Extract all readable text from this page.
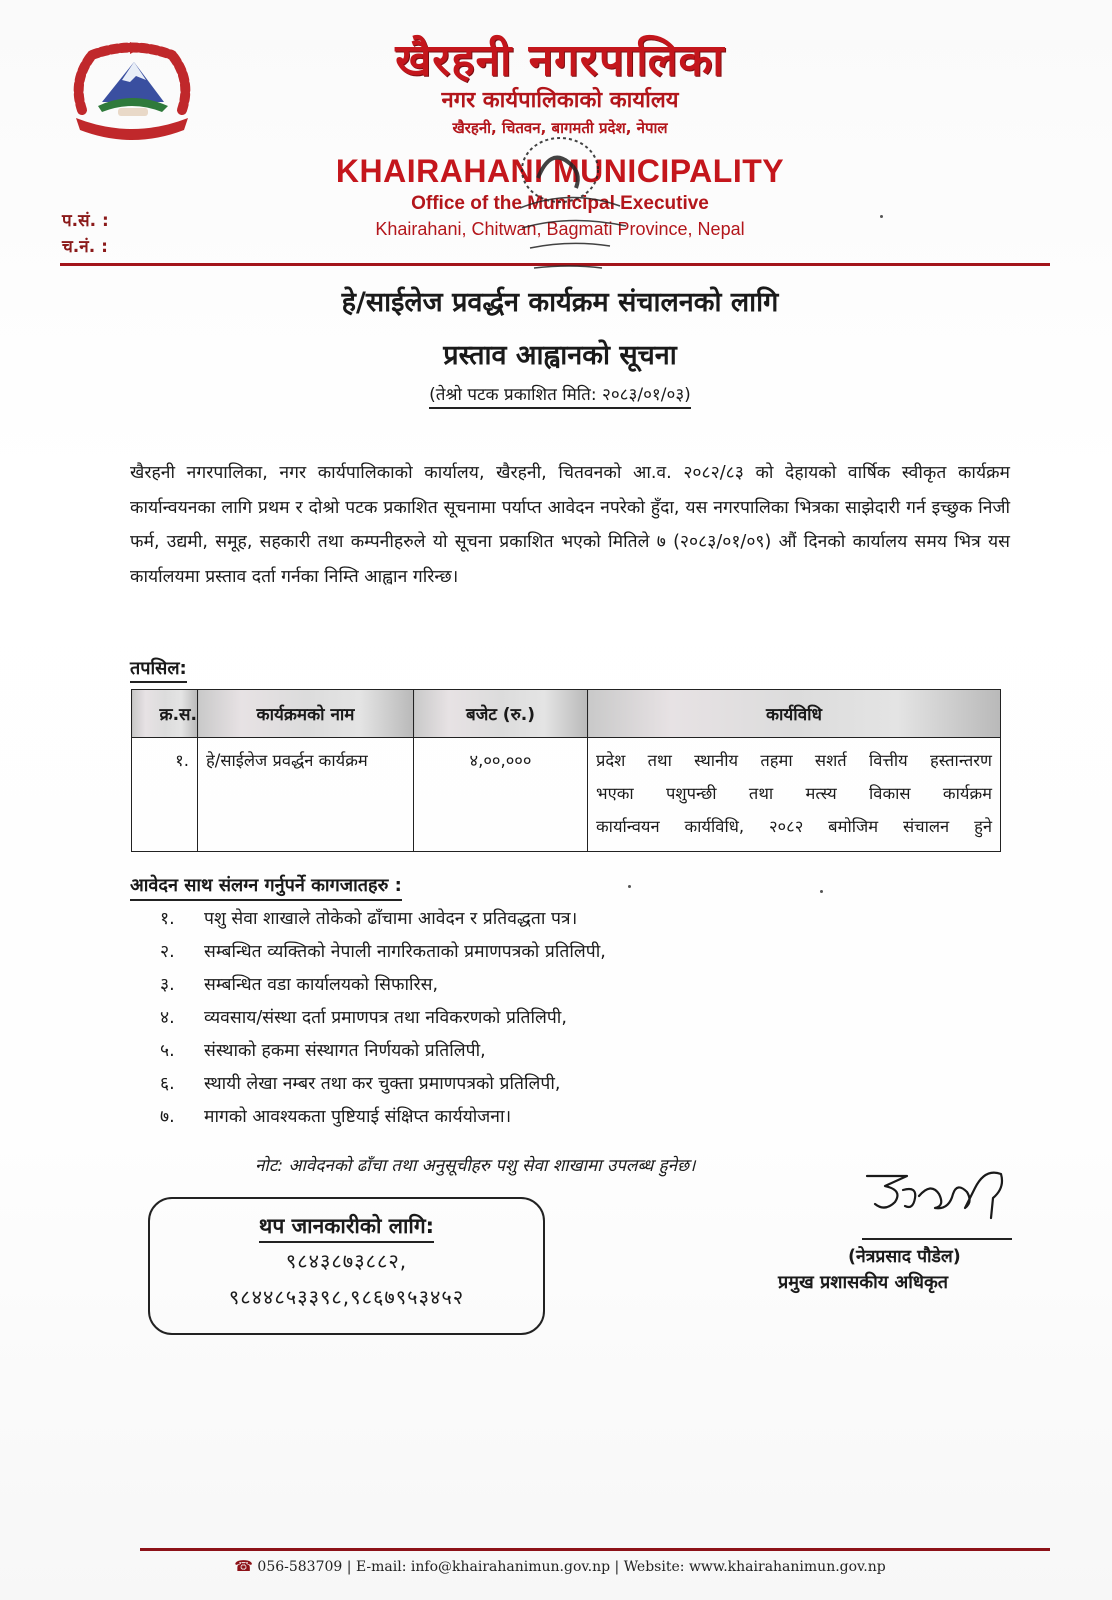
प.सं. :
च.नं. :
खैरहनी नगरपालिका
नगर कार्यपालिकाको कार्यालय
खैरहनी, चितवन, बागमती प्रदेश, नेपाल
KHAIRAHANI MUNICIPALITY
Office of the Municipal Executive
Khairahani, Chitwan, Bagmati Province, Nepal
हे/साईलेज प्रवर्द्धन कार्यक्रम संचालनको लागि
प्रस्ताव आह्वानको सूचना
(तेश्रो पटक प्रकाशित मिति: २०८३/०१/०३)

खैरहनी नगरपालिका, नगर कार्यपालिकाको कार्यालय, खैरहनी, चितवनको आ.व. २०८२/८३ को देहायको वार्षिक स्वीकृत कार्यक्रम कार्यान्वयनका लागि प्रथम र दोश्रो पटक प्रकाशित सूचनामा पर्याप्त आवेदन नपरेको हुँदा, यस नगरपालिका भित्रका साझेदारी गर्न इच्छुक निजी फर्म, उद्यमी, समूह, सहकारी तथा कम्पनीहरुले यो सूचना प्रकाशित भएको मितिले ७ (२०८३/०१/०९) औं दिनको कार्यालय समय भित्र यस कार्यालयमा प्रस्ताव दर्ता गर्नका निम्ति आह्वान गरिन्छ।

तपसिल:
क्र.स.	कार्यक्रमको नाम	बजेट (रु.)	कार्यविधि
१.	हे/साईलेज प्रवर्द्धन कार्यक्रम	४,००,०००	प्रदेश तथा स्थानीय तहमा सशर्त वित्तीय हस्तान्तरण
भएका पशुपन्छी तथा मत्स्य विकास कार्यक्रम
कार्यान्वयन कार्यविधि, २०८२ बमोजिम संचालन हुने
आवेदन साथ संलग्न गर्नुपर्ने कागजातहरु :
१.	पशु सेवा शाखाले तोकेको ढाँचामा आवेदन र प्रतिवद्धता पत्र।
२.	सम्बन्धित व्यक्तिको नेपाली नागरिकताको प्रमाणपत्रको प्रतिलिपी,
३.	सम्बन्धित वडा कार्यालयको सिफारिस,
४.	व्यवसाय/संस्था दर्ता प्रमाणपत्र तथा नविकरणको प्रतिलिपी,
५.	संस्थाको हकमा संस्थागत निर्णयको प्रतिलिपी,
६.	स्थायी लेखा नम्बर तथा कर चुक्ता प्रमाणपत्रको प्रतिलिपी,
७.	मागको आवश्यकता पुष्टियाई संक्षिप्त कार्ययोजना।
नोट: आवेदनको ढाँचा तथा अनुसूचीहरु पशु सेवा शाखामा उपलब्ध हुनेछ।
थप जानकारीको लागि:
९८४३८७३८८२,
९८४४८५३३९८,९८६७९५३४५२
(नेत्रप्रसाद पौडेल)
प्रमुख प्रशासकीय अधिकृत
☎ 056-583709 | E-mail: info@khairahanimun.gov.np | Website: www.khairahanimun.gov.np
